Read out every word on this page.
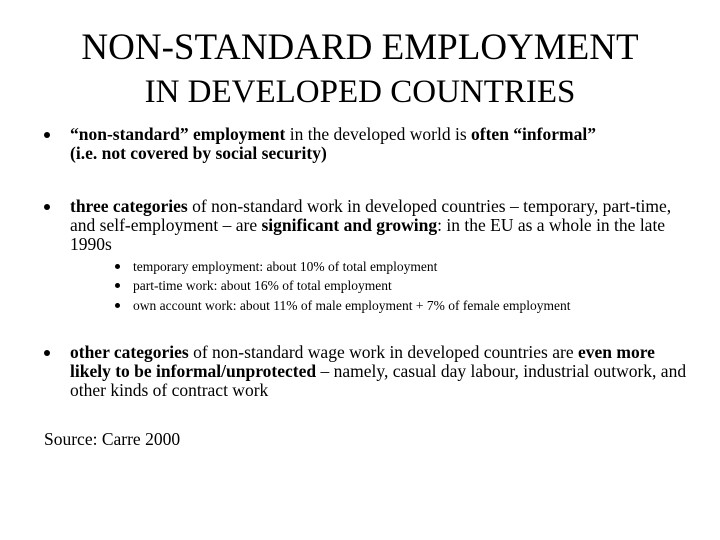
NON-STANDARD EMPLOYMENT
IN DEVELOPED COUNTRIES
“non-standard” employment in the developed world is often “informal”
(i.e. not covered by social security)
three categories of non-standard work in developed countries – temporary, part-time, and self-employment – are significant and growing: in the EU as a whole in the late 1990s
temporary employment: about 10% of total employment
part-time work: about 16% of total employment
own account work: about 11% of male employment + 7% of female employment
other categories of non-standard wage work in developed countries are even more likely to be informal/unprotected – namely, casual day labour, industrial outwork, and other kinds of contract work
Source: Carre 2000
